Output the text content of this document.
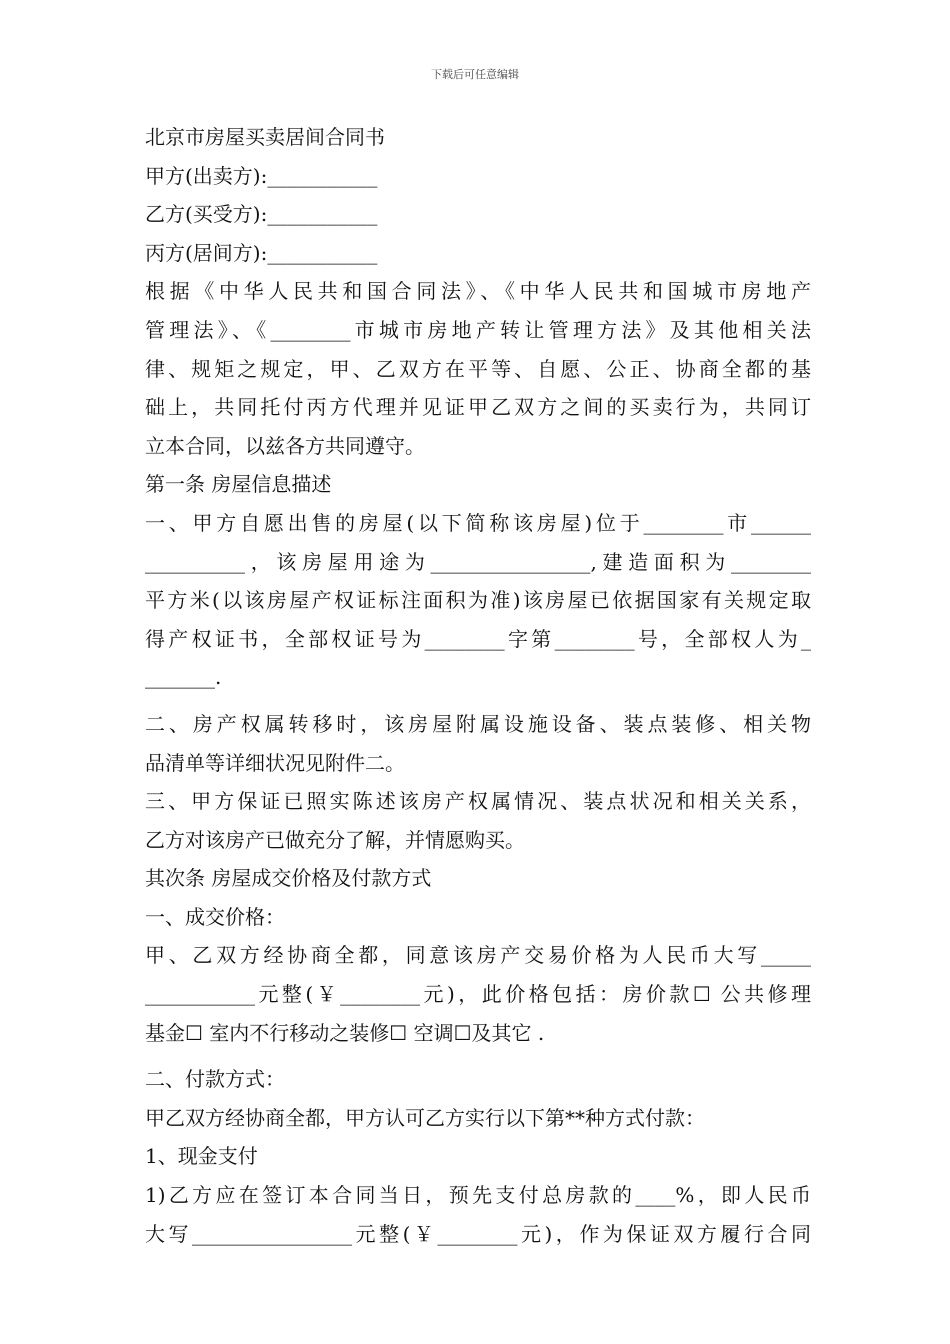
下载后可任意编辑
北京市房屋买卖居间合同书
甲方(出卖方):___________
乙方(买受方):___________
丙方(居间方):___________
根据《中华人民共和国合同法》、《中华人民共和国城市房地产
管理法》、《________市城市房地产转让管理方法》及其他相关法
律、规矩之规定，甲、乙双方在平等、自愿、公正、协商全都的基
础上，共同托付丙方代理并见证甲乙双方之间的买卖行为，共同订
立本合同，以兹各方共同遵守。
第一条 房屋信息描述
一、甲方自愿出售的房屋(以下简称该房屋)位于________市______
__________，该房屋用途为________________,建造面积为________
平方米(以该房屋产权证标注面积为准)该房屋已依据国家有关规定取
得产权证书，全部权证号为________字第________号，全部权人为_
_______.
二、房产权属转移时，该房屋附属设施设备、装点装修、相关物
品清单等详细状况见附件二。
三、甲方保证已照实陈述该房产权属情况、装点状况和相关关系，
乙方对该房产已做充分了解，并情愿购买。
其次条 房屋成交价格及付款方式
一、成交价格：
甲、乙双方经协商全都，同意该房产交易价格为人民币大写_____
___________元整(￥________元)，此价格包括：房价款☐ 公共修理
基金☐ 室内不行移动之装修☐ 空调☐及其它 .
二、付款方式：
甲乙双方经协商全都，甲方认可乙方实行以下第**种方式付款：
1、现金支付
1)乙方应在签订本合同当日，预先支付总房款的____%，即人民币
大写________________元整(￥________元)，作为保证双方履行合同
